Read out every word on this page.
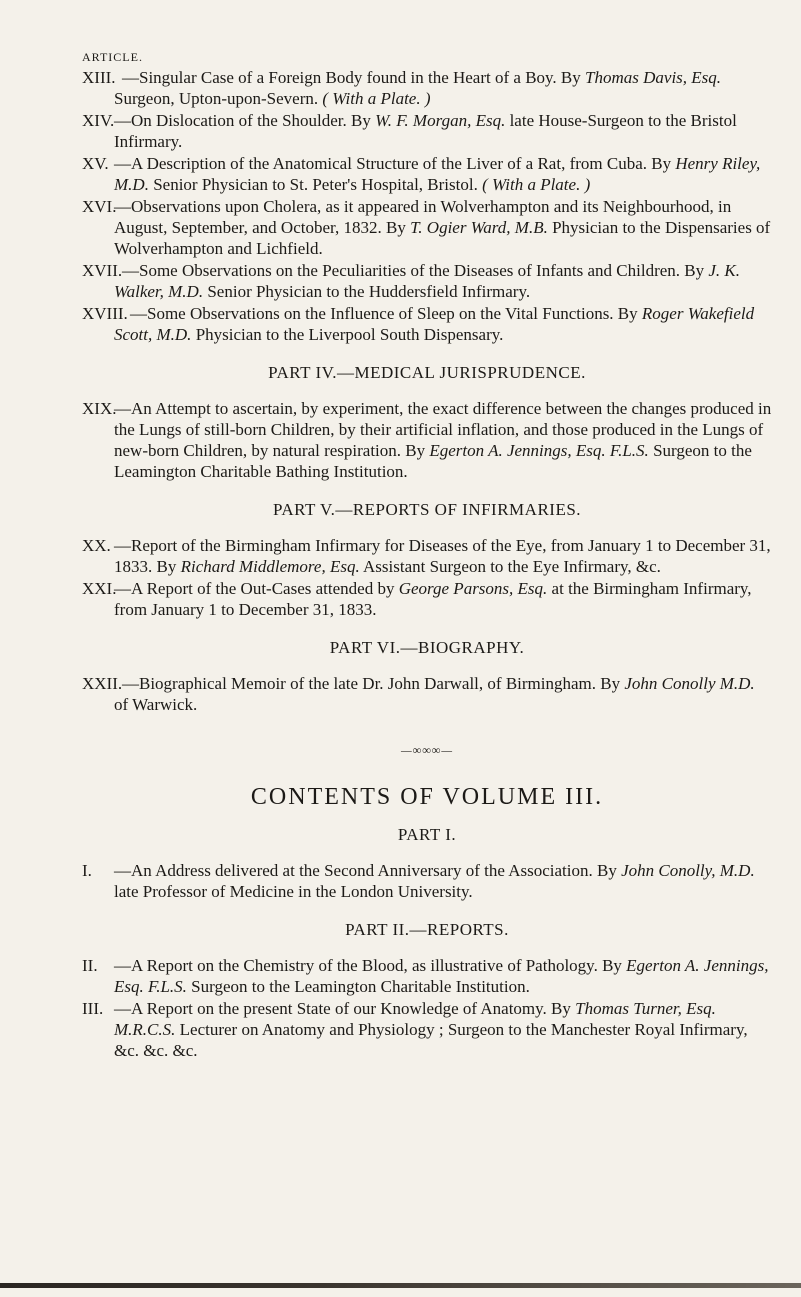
ARTICLE.

XIII. —Singular Case of a Foreign Body found in the Heart of a Boy. By Thomas Davis, Esq. Surgeon, Upton-upon-Severn. ( With a Plate. )

XIV. —On Dislocation of the Shoulder. By W. F. Morgan, Esq. late House-Surgeon to the Bristol Infirmary.

XV. —A Description of the Anatomical Structure of the Liver of a Rat, from Cuba. By Henry Riley, M.D. Senior Physician to St. Peter's Hospital, Bristol. ( With a Plate. )

XVI.
—Observations upon Cholera, as it appeared in Wolverhampton and its Neighbourhood, in August, September, and October, 1832. By T. Ogier Ward, M.B. Physician to the Dispensaries of Wolverhampton and Lichfield.

XVII. —Some Observations on the Peculiarities of the Diseases of Infants and Children. By J. K. Walker, M.D. Senior Physician to the Huddersfield Infirmary.

XVIII. —Some Observations on the Influence of Sleep on the Vital Functions. By Roger Wakefield Scott, M.D. Physician to the Liverpool South Dispensary.

PART IV.—MEDICAL JURISPRUDENCE.

XIX.
—An Attempt to ascertain, by experiment, the exact difference between the changes produced in the Lungs of still-born Children, by their artificial inflation, and those produced in the Lungs of new-born Children, by natural respiration. By Egerton A. Jennings, Esq. F.L.S. Surgeon to the Leamington Charitable Bathing Institution.

PART V.—REPORTS OF INFIRMARIES.

XX. —Report of the Birmingham Infirmary for Diseases of the Eye, from January 1 to December 31, 1833. By Richard Middlemore, Esq. Assistant Surgeon to the Eye Infirmary, &c.

XXI.
—A Report of the Out-Cases attended by George Parsons, Esq. at the Birmingham Infirmary, from January 1 to December 31, 1833.

PART VI.—BIOGRAPHY.

XXII. —Biographical Memoir of the late Dr. John Darwall, of Birmingham. By John Conolly M.D. of Warwick.

—∞∞∞—
CONTENTS OF VOLUME III.
PART I.

I. —An Address delivered at the Second Anniversary of the Association. By John Conolly, M.D. late Professor of Medicine in the London University.

PART II.—REPORTS.

II. —A Report on the Chemistry of the Blood, as illustrative of Pathology. By Egerton A. Jennings, Esq. F.L.S. Surgeon to the Leamington Charitable Institution.

III. —A Report on the present State of our Knowledge of Anatomy. By Thomas Turner, Esq. M.R.C.S. Lecturer on Anatomy and Physiology ; Surgeon to the Manchester Royal Infirmary, &c. &c. &c.
